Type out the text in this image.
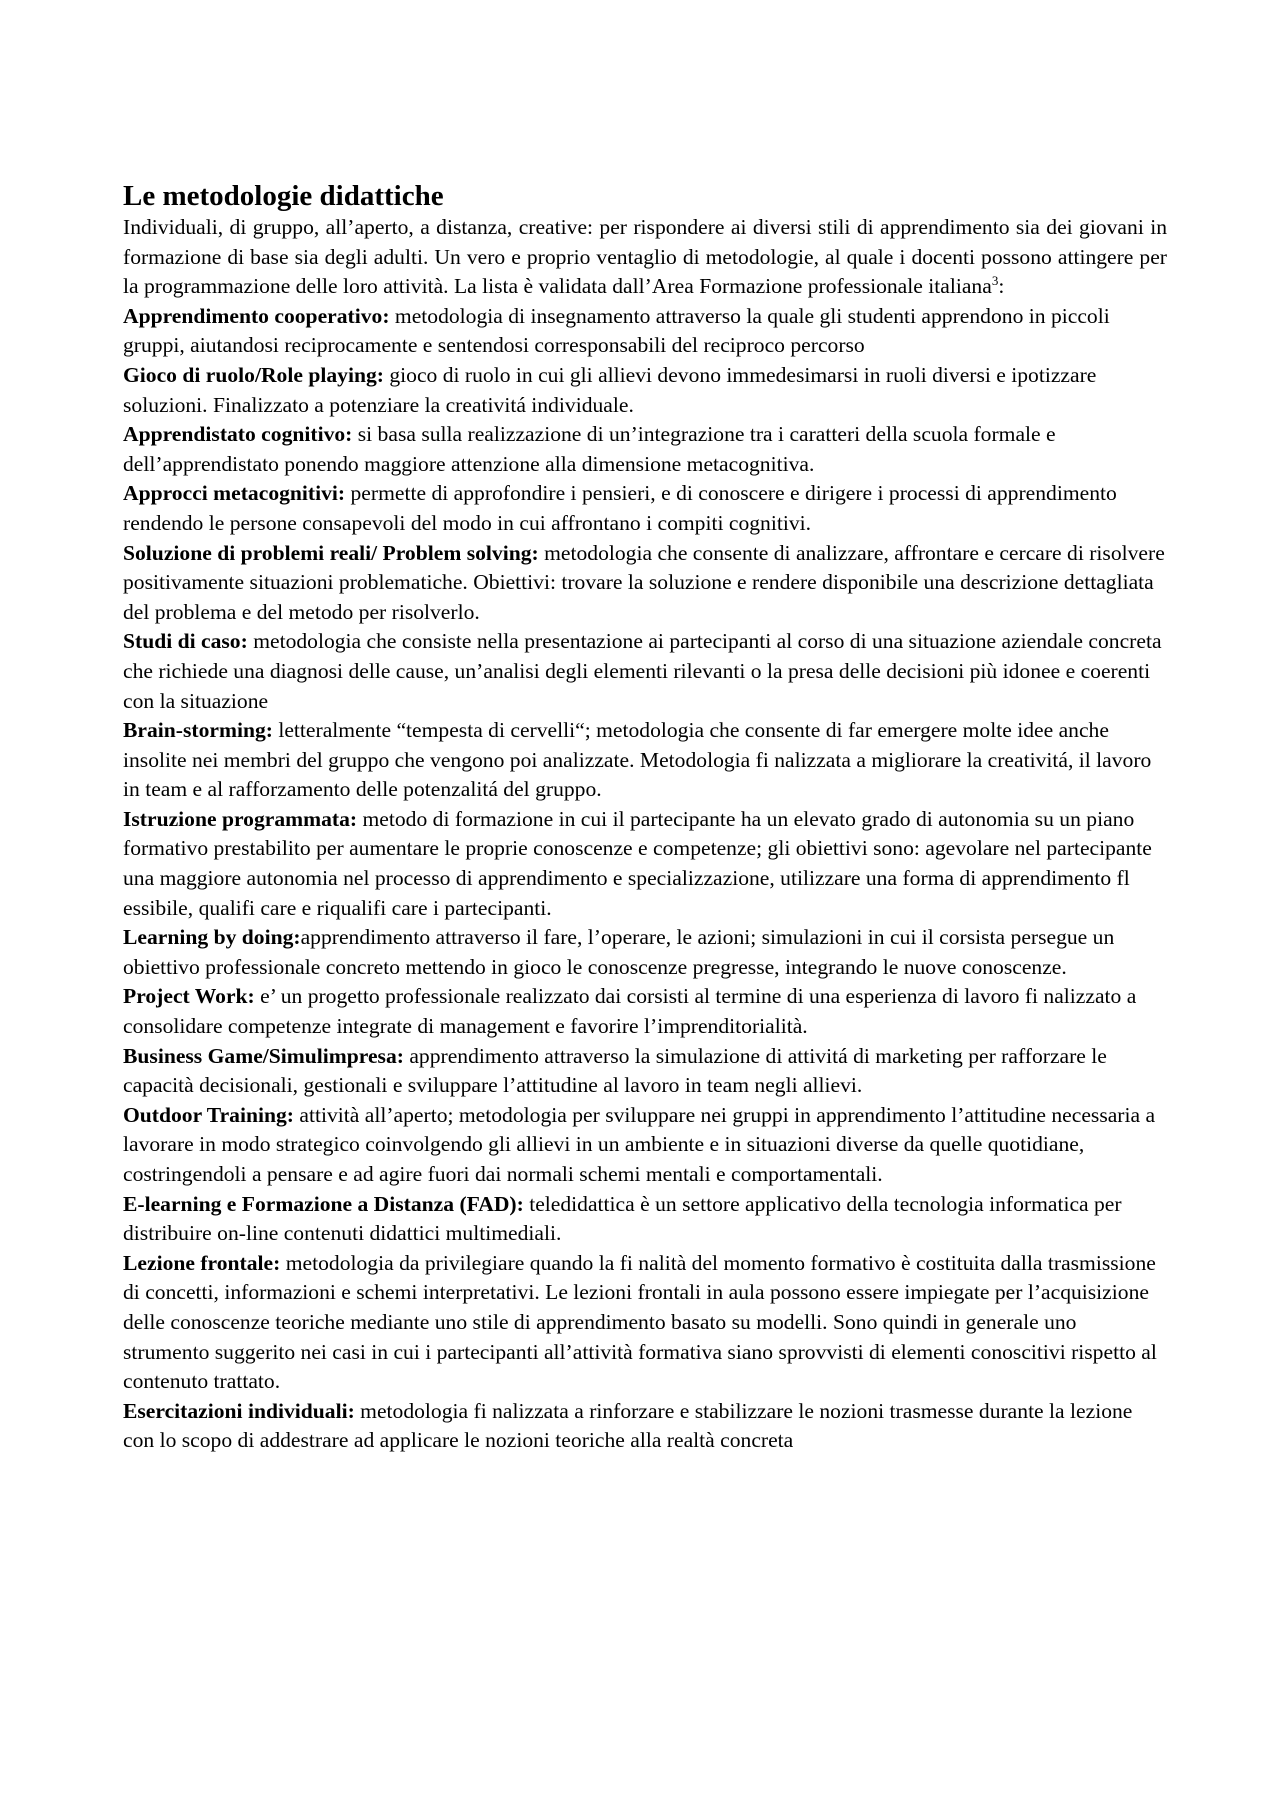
Le metodologie didattiche

Individuali, di gruppo, all’aperto, a distanza, creative: per rispondere ai diversi stili di apprendimento sia dei giovani in formazione di base sia degli adulti. Un vero e proprio ventaglio di metodologie, al quale i docenti possono attingere per la programmazione delle loro attività. La lista è validata dall’Area Formazione professionale italiana$^3$:

Apprendimento cooperativo: metodologia di insegnamento attraverso la quale gli studenti apprendono in piccoli gruppi, aiutandosi reciprocamente e sentendosi corresponsabili del reciproco percorso

Gioco di ruolo/Role playing: gioco di ruolo in cui gli allievi devono immedesimarsi in ruoli diversi e ipotizzare soluzioni. Finalizzato a potenziare la creativitá individuale.

Apprendistato cognitivo: si basa sulla realizzazione di un’integrazione tra i caratteri della scuola formale e dell’apprendistato ponendo maggiore attenzione alla dimensione metacognitiva.

Approcci metacognitivi: permette di approfondire i pensieri, e di conoscere e dirigere i processi di apprendimento rendendo le persone consapevoli del modo in cui affrontano i compiti cognitivi.

Soluzione di problemi reali/ Problem solving: metodologia che consente di analizzare, affrontare e cercare di risolvere positivamente situazioni problematiche. Obiettivi: trovare la soluzione e rendere disponibile una descrizione dettagliata del problema e del metodo per risolverlo.

Studi di caso: metodologia che consiste nella presentazione ai partecipanti al corso di una situazione aziendale concreta che richiede una diagnosi delle cause, un’analisi degli elementi rilevanti o la presa delle decisioni più idonee e coerenti con la situazione

Brain-storming: letteralmente “tempesta di cervelli“; metodologia che consente di far emergere molte idee anche insolite nei membri del gruppo che vengono poi analizzate. Metodologia fi nalizzata a migliorare la creativitá, il lavoro in team e al rafforzamento delle potenzalitá del gruppo.

Istruzione programmata: metodo di formazione in cui il partecipante ha un elevato grado di autonomia su un piano formativo prestabilito per aumentare le proprie conoscenze e competenze; gli obiettivi sono: agevolare nel partecipante una maggiore autonomia nel processo di apprendimento e specializzazione, utilizzare una forma di apprendimento fl essibile, qualifi care e riqualifi care i partecipanti.

Learning by doing:apprendimento attraverso il fare, l’operare, le azioni; simulazioni in cui il corsista persegue un obiettivo professionale concreto mettendo in gioco le conoscenze pregresse, integrando le nuove conoscenze.

Project Work: e’ un progetto professionale realizzato dai corsisti al termine di una esperienza di lavoro fi nalizzato a consolidare competenze integrate di management e favorire l’imprenditorialità.

Business Game/Simulimpresa: apprendimento attraverso la simulazione di attivitá di marketing per rafforzare le capacità decisionali, gestionali e sviluppare l’attitudine al lavoro in team negli allievi.

Outdoor Training: attività all’aperto; metodologia per sviluppare nei gruppi in apprendimento l’attitudine necessaria a lavorare in modo strategico coinvolgendo gli allievi in un ambiente e in situazioni diverse da quelle quotidiane, costringendoli a pensare e ad agire fuori dai normali schemi mentali e comportamentali.

E-learning e Formazione a Distanza (FAD): teledidattica è un settore applicativo della tecnologia informatica per distribuire on-line contenuti didattici multimediali.

Lezione frontale: metodologia da privilegiare quando la fi nalità del momento formativo è costituita dalla trasmissione di concetti, informazioni e schemi interpretativi. Le lezioni frontali in aula possono essere impiegate per l’acquisizione delle conoscenze teoriche mediante uno stile di apprendimento basato su modelli. Sono quindi in generale uno strumento suggerito nei casi in cui i partecipanti all’attività formativa siano sprovvisti di elementi conoscitivi rispetto al contenuto trattato.

Esercitazioni individuali: metodologia fi nalizzata a rinforzare e stabilizzare le nozioni trasmesse durante la lezione con lo scopo di addestrare ad applicare le nozioni teoriche alla realtà concreta
